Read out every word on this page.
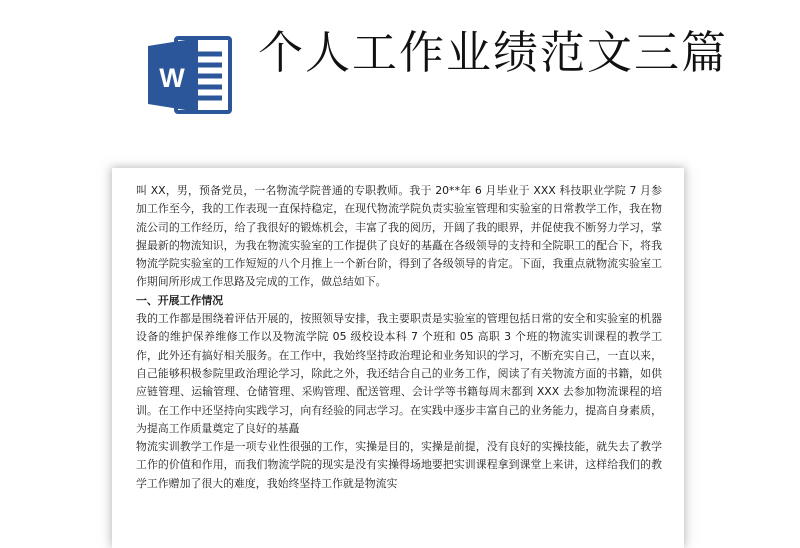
W 个人工作业绩范文三篇

叫 XX，男，预备党员，一名物流学院普通的专职教师。我于 20**年 6 月毕业于 XXX 科技职业学院 7 月参加工作至今，我的工作表现一直保持稳定，在现代物流学院负责实验室管理和实验室的日常教学工作，我在物流公司的工作经历，给了我很好的锻炼机会，丰富了我的阅历，开阔了我的眼界，并促使我不断努力学习，掌握最新的物流知识，为我在物流实验室的工作提供了良好的基矗在各级领导的支持和全院职工的配合下，将我物流学院实验室的工作短短的八个月推上一个新台阶，得到了各级领导的肯定。下面，我重点就物流实验室工作期间所形成工作思路及完成的工作，做总结如下。

一、开展工作情况

我的工作都是围绕着评估开展的，按照领导安排，我主要职责是实验室的管理包括日常的安全和实验室的机器设备的维护保养维修工作以及物流学院 05 级校设本科 7 个班和 05 高职 3 个班的物流实训课程的教学工作，此外还有搞好相关服务。在工作中，我始终坚持政治理论和业务知识的学习，不断充实自己，一直以来，自己能够积极参院里政治理论学习，除此之外，我还结合自己的业务工作，阅读了有关物流方面的书籍，如供应链管理、运输管理、仓储管理、采购管理、配送管理、会计学等书籍每周末都到 XXX 去参加物流课程的培训。在工作中还坚持向实践学习，向有经验的同志学习。在实践中逐步丰富自己的业务能力，提高自身素质，为提高工作质量奠定了良好的基矗

物流实训教学工作是一项专业性很强的工作，实操是目的，实操是前提，没有良好的实操技能，就失去了教学工作的价值和作用，而我们物流学院的现实是没有实操得场地要把实训课程拿到课堂上来讲，这样给我们的教学工作赠加了很大的难度，我始终坚持工作就是物流实
